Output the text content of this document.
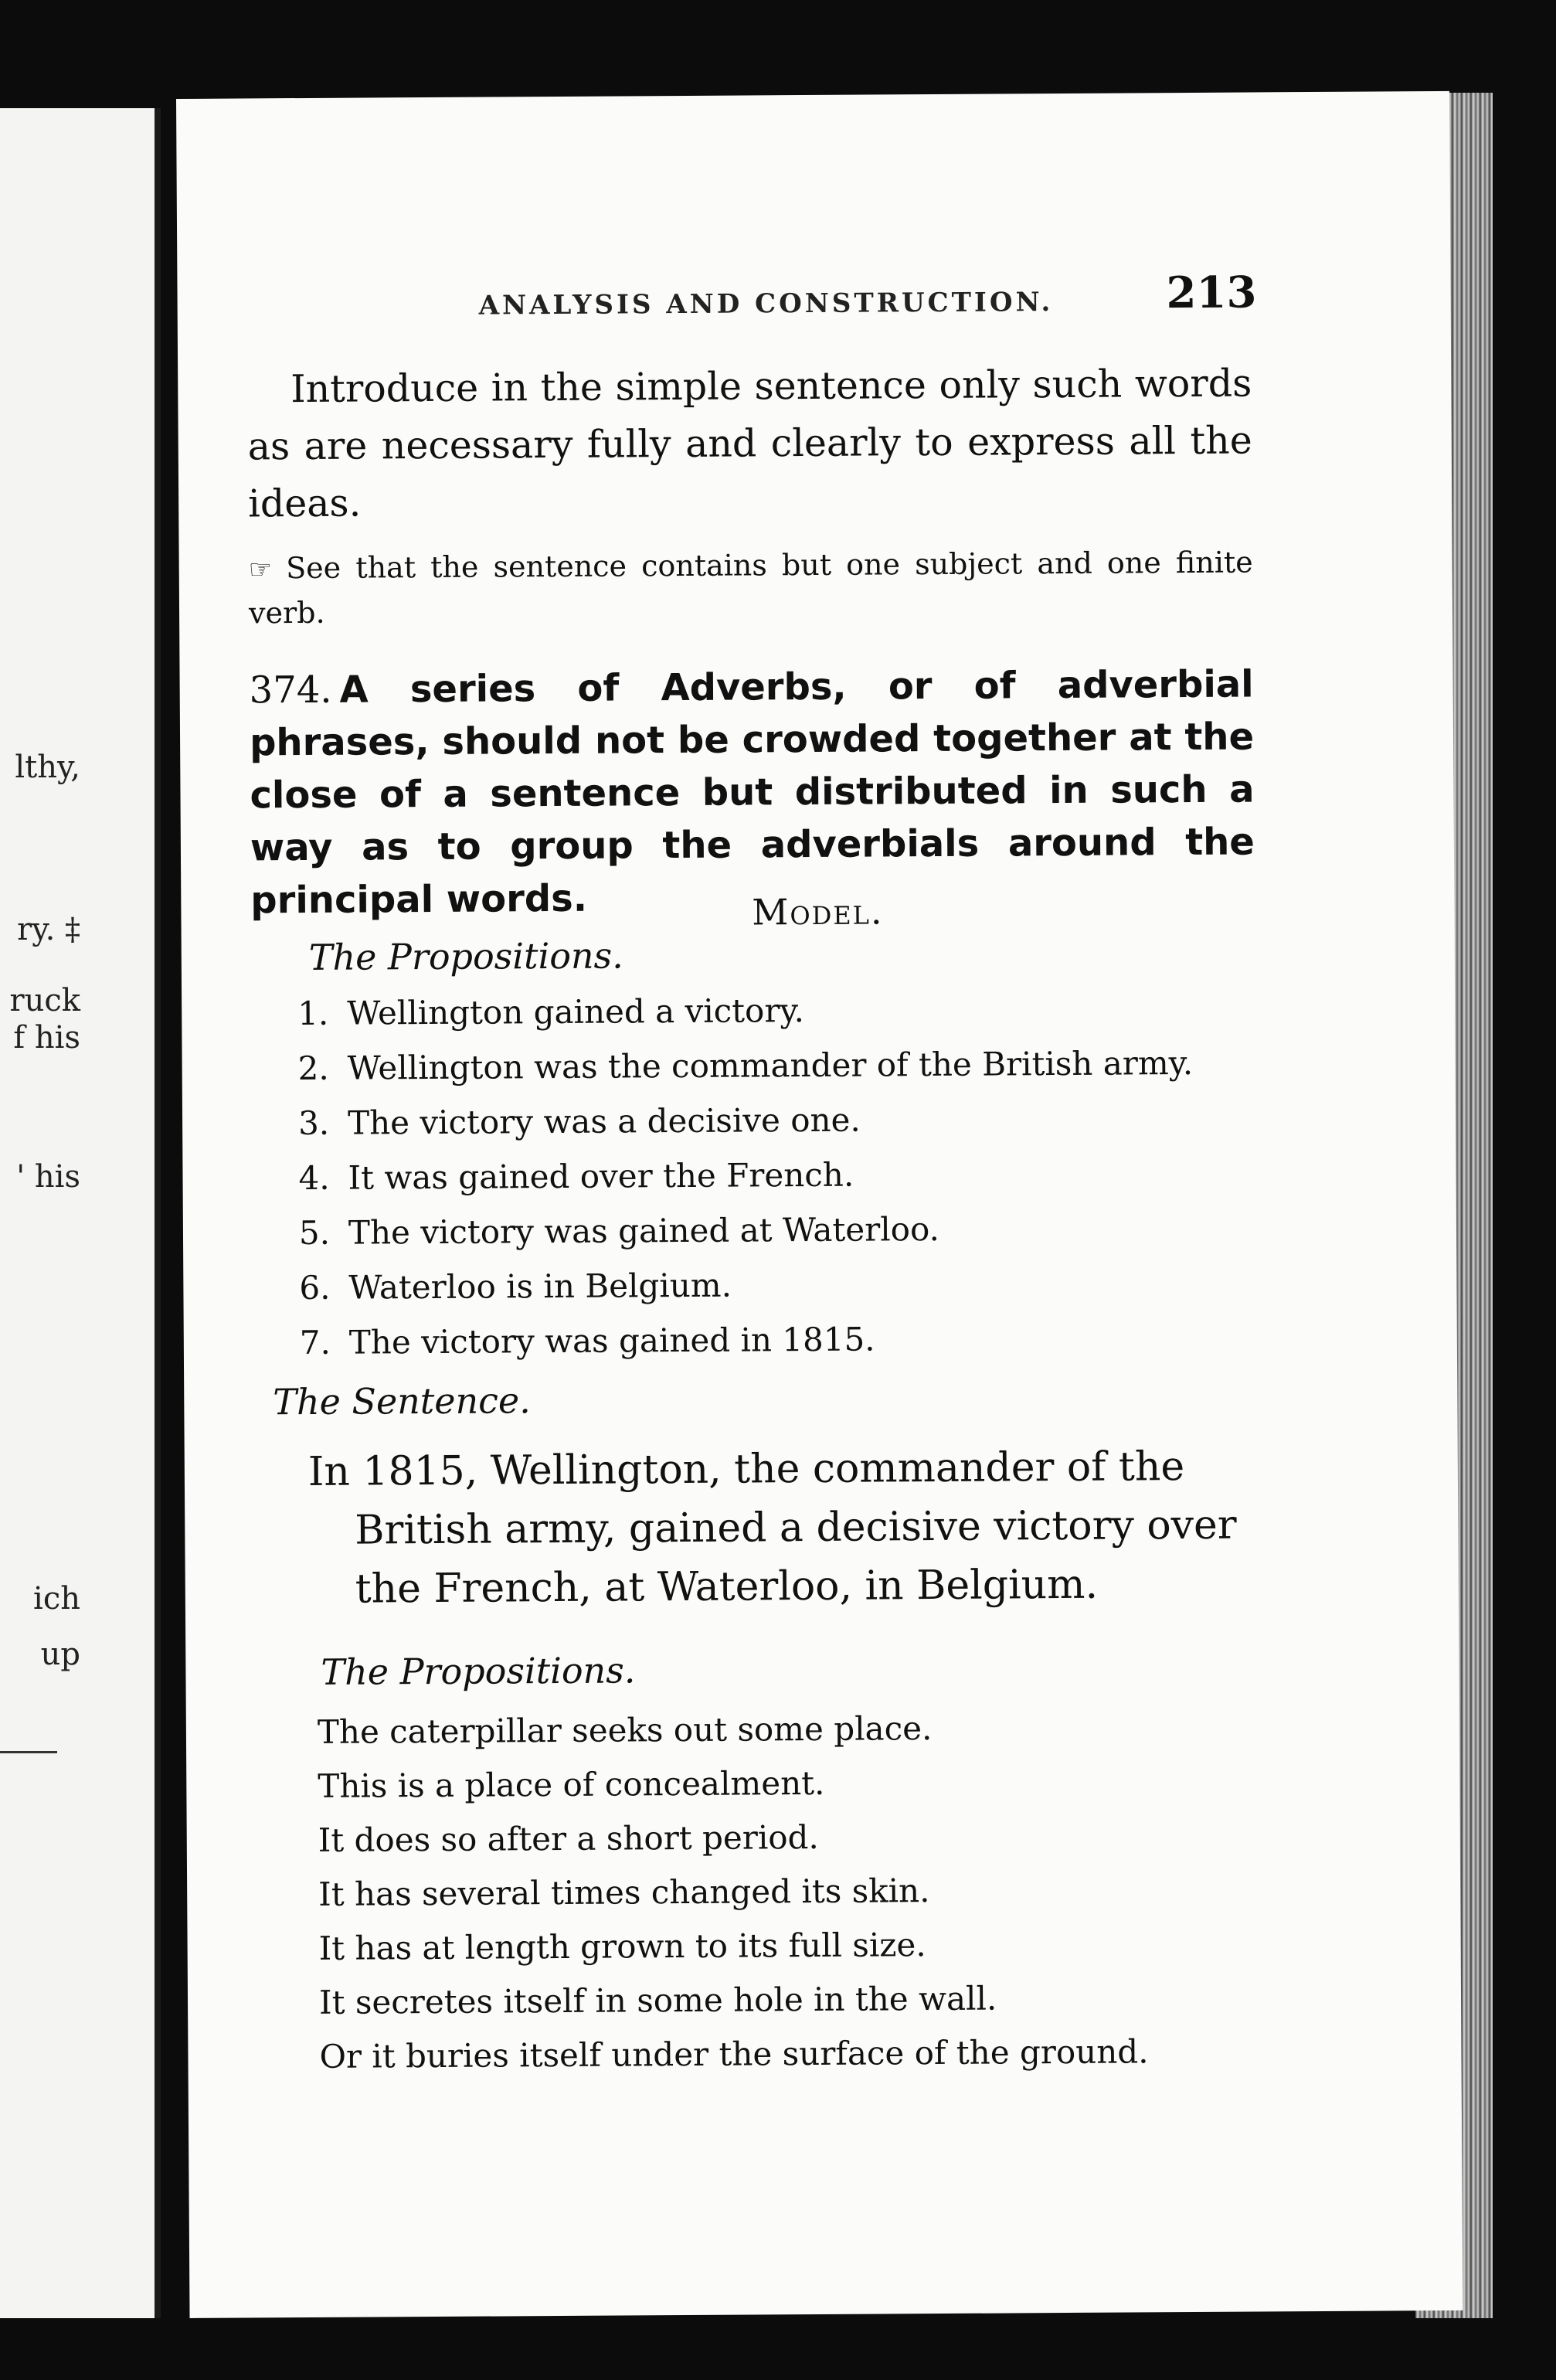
lthy,
ry. ‡
ruck
f his
' his
ich
up
ANALYSIS AND CONSTRUCTION.	213
Introduce in the simple sentence only such words as are necessary fully and clearly to express all the ideas.
☞ See that the sentence contains but one subject and one finite verb.
374. A series of Adverbs, or of adverbial phrases, should not be crowded together at the close of a sentence but distributed in such a way as to group the adverbials around the principal words.	Model.
The Propositions.
1. Wellington gained a victory.
2. Wellington was the commander of the British army.
3. The victory was a decisive one.
4. It was gained over the French.
5. The victory was gained at Waterloo.
6. Waterloo is in Belgium.
7. The victory was gained in 1815.
The Sentence.
In 1815, Wellington, the commander of the British army, gained a decisive victory over the French, at Waterloo, in Belgium.
The Propositions.
The caterpillar seeks out some place.
This is a place of concealment.
It does so after a short period.
It has several times changed its skin.
It has at length grown to its full size.
It secretes itself in some hole in the wall.
Or it buries itself under the surface of the ground.
